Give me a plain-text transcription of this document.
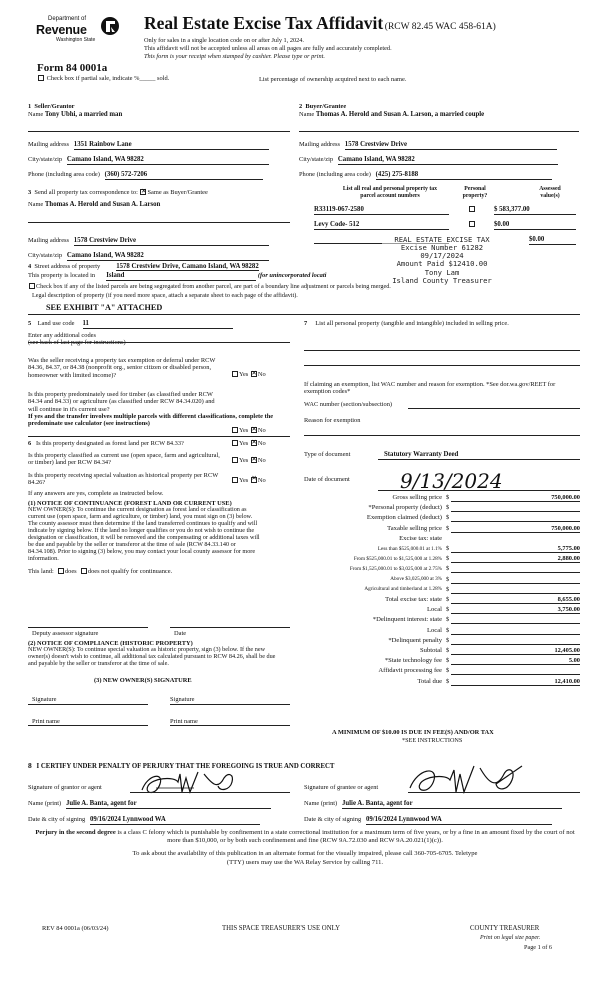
Department of
Revenue
Washington State
Real Estate Excise Tax Affidavit (RCW 82.45 WAC 458-61A)
Only for sales in a single location code on or after July 1, 2024.
This affidavit will not be accepted unless all areas on all pages are fully and accurately completed.
This form is your receipt when stamped by cashier. Please type or print.
Form 84 0001a
Check box if partial sale, indicate %_____ sold.	List percentage of ownership acquired next to each name.
1 Seller/Grantor
Name Tony Ubhi, a married man
Mailing address 1351 Rainbow Lane
City/state/zip Camano Island, WA 98282
Phone (including area code) (360) 572-7206
2 Buyer/Grantee
Name Thomas A. Herold and Susan A. Larson, a married couple
Mailing address 1578 Crestview Drive
City/state/zip Camano Island, WA 98282
Phone (including area code) (425) 275-8188
3 Send all property tax correspondence to: ✕ Same as Buyer/Grantee
Name Thomas A. Herold and Susan A. Larson
Mailing address 1578 Crestview Drive
City/state/zip Camano Island, WA 98282
List all real and personal property tax
parcel account numbers
Personal
property?
Assessed
value(s)
R33119-067-2580	$ 583,377.00
Levy Code- 512	$0.00
$0.00
REAL ESTATE EXCISE TAX
Excise Number 61282
09/17/2024
Amount Paid $12410.00
Tony Lam
Island County Treasurer
4 Street address of property 1578 Crestview Drive, Camano Island, WA 98282
This property is located in Island	(for unincorporated locati
Check box if any of the listed parcels are being segregated from another parcel, are part of a boundary line adjustment or parcels being merged.
Legal description of property (if you need more space, attach a separate sheet to each page of the affidavit).
SEE EXHIBIT "A" ATTACHED
5 Land use code 11
Enter any additional codes
(see back of last page for instructions)
Was the seller receiving a property tax exemption or deferral under RCW 84.36, 84.37, or 84.38 (nonprofit org., senior citizen or disabled person, homeowner with limited income)?	Yes ✕ No
Is this property predominately used for timber (as classified under RCW 84.34 and 84.33) or agriculture (as classified under RCW 84.34.020) and will continue in it's current use?
If yes and the transfer involves multiple parcels with different classifications, complete the predominate use calculator (see instructions)
Yes ✕ No
6 Is this property designated as forest land per RCW 84.33?	Yes ✕ No
Is this property classified as current use (open space, farm and agricultural, or timber) land per RCW 84.34?	Yes ✕ No
Is this property receiving special valuation as historical property per RCW 84.26?	Yes ✕ No
If any answers are yes, complete as instructed below.
(1) NOTICE OF CONTINUANCE (FOREST LAND OR CURRENT USE)
NEW OWNER(S): To continue the current designation as forest land or classification as current use (open space, farm and agriculture, or timber) land, you must sign on (3) below. The county assessor must then determine if the land transferred continues to qualify and will indicate by signing below. If the land no longer qualifies or you do not wish to continue the designation or classification, it will be removed and the compensating or additional taxes will be due and payable by the seller or transferor at the time of sale (RCW 84.33.140 or 84.34.108). Prior to signing (3) below, you may contact your local county assessor for more information.
This land: does does not qualify for continuance.
Deputy assessor signature	Date
(2) NOTICE OF COMPLIANCE (HISTORIC PROPERTY)
NEW OWNER(S): To continue special valuation as historic property, sign (3) below. If the new owner(s) doesn't wish to continue, all additional tax calculated pursuant to RCW 84.26, shall be due and payable by the seller or transferor at the time of sale.
(3) NEW OWNER(S) SIGNATURE
Signature	Signature
Print name	Print name
7 List all personal property (tangible and intangible) included in selling price.
If claiming an exemption, list WAC number and reason for exemption. *See dor.wa.gov/REET for exemption codes*
WAC number (section/subsection)
Reason for exemption
Type of document	Statutory Warranty Deed
Date of document	9/13/2024
Gross selling price $	750,000.00
*Personal property (deduct) $
Exemption claimed (deduct) $
Taxable selling price $	750,000.00
Excise tax: state
Less than $525,000.01 at 1.1% $	5,775.00
From $525,000.01 to $1,525,000 at 1.28% $	2,880.00
From $1,525,000.01 to $3,025,000 at 2.75% $
Above $3,025,000 at 3% $
Agricultural and timberland at 1.28% $
Total excise tax: state $	8,655.00
Local $	3,750.00
*Delinquent interest: state $
Local $
*Delinquent penalty $
Subtotal $	12,405.00
*State technology fee $	5.00
Affidavit processing fee $
Total due $	12,410.00
A MINIMUM OF $10.00 IS DUE IN FEE(S) AND/OR TAX
*SEE INSTRUCTIONS
8 I CERTIFY UNDER PENALTY OF PERJURY THAT THE FOREGOING IS TRUE AND CORRECT
Signature of grantor or agent	Signature of grantee or agent
Name (print) Julie A. Banta, agent for	Name (print) Julie A. Banta, agent for
Date & city of signing 09/16/2024 Lynnwood WA	Date & city of signing 09/16/2024 Lynnwood WA
Perjury in the second degree is a class C felony which is punishable by confinement in a state correctional institution for a maximum term of five years, or by a fine in an amount fixed by the court of not more than $10,000, or by both such confinement and fine (RCW 9A.72.030 and RCW 9A.20.021(1)(c)).
To ask about the availability of this publication in an alternate format for the visually impaired, please call 360-705-6705. Teletype
(TTY) users may use the WA Relay Service by calling 711.
REV 84 0001a (06/03/24)	THIS SPACE TREASURER'S USE ONLY	COUNTY TREASURER
Print on legal size paper.
Page 1 of 6
